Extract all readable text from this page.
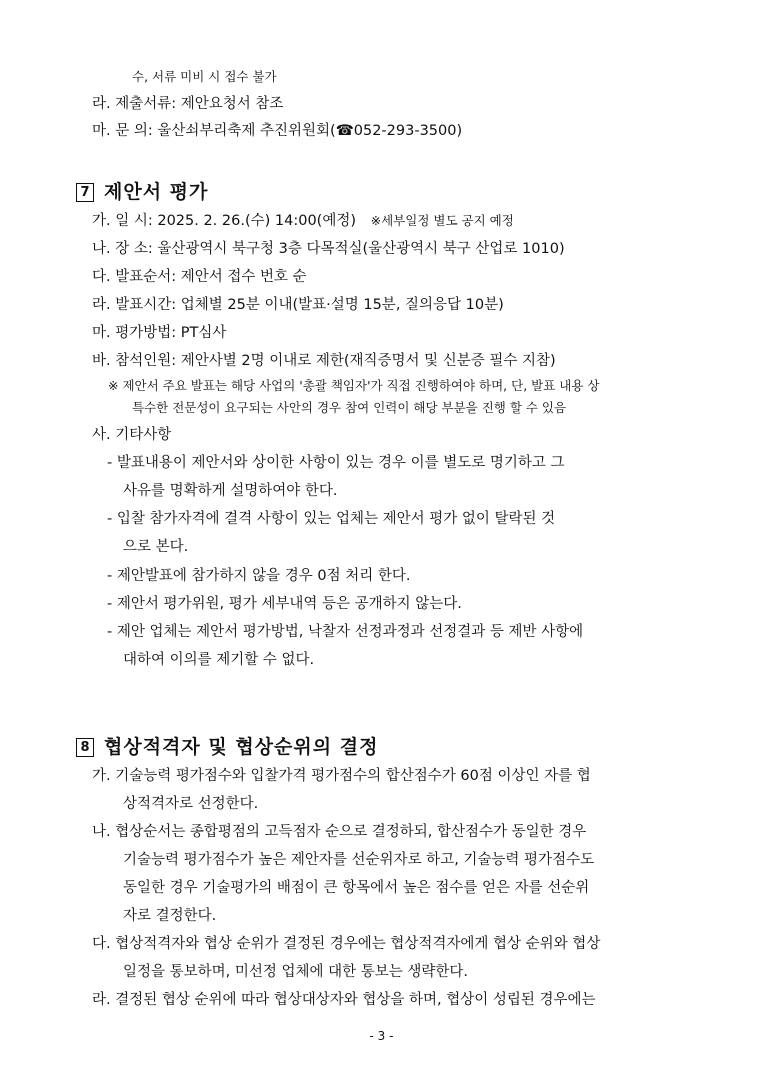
수, 서류 미비 시 접수 불가
라. 제출서류: 제안요청서 참조
마. 문 의: 울산쇠부리축제 추진위원회(☎052-293-3500)
7 제안서 평가
가. 일 시: 2025. 2. 26.(수) 14:00(예정) ※세부일정 별도 공지 예정
나. 장 소: 울산광역시 북구청 3층 다목적실(울산광역시 북구 산업로 1010)
다. 발표순서: 제안서 접수 번호 순
라. 발표시간: 업체별 25분 이내(발표·설명 15분, 질의응답 10분)
마. 평가방법: PT심사
바. 참석인원: 제안사별 2명 이내로 제한(재직증명서 및 신분증 필수 지참)
※ 제안서 주요 발표는 해당 사업의 '총괄 책임자'가 직접 진행하여야 하며, 단, 발표 내용 상
특수한 전문성이 요구되는 사안의 경우 참여 인력이 해당 부분을 진행 할 수 있음
사. 기타사항
- 발표내용이 제안서와 상이한 사항이 있는 경우 이를 별도로 명기하고 그
사유를 명확하게 설명하여야 한다.
- 입찰 참가자격에 결격 사항이 있는 업체는 제안서 평가 없이 탈락된 것
으로 본다.
- 제안발표에 참가하지 않을 경우 0점 처리 한다.
- 제안서 평가위원, 평가 세부내역 등은 공개하지 않는다.
- 제안 업체는 제안서 평가방법, 낙찰자 선정과정과 선정결과 등 제반 사항에
대하여 이의를 제기할 수 없다.
8 협상적격자 및 협상순위의 결정
가. 기술능력 평가점수와 입찰가격 평가점수의 합산점수가 60점 이상인 자를 협
상적격자로 선정한다.
나. 협상순서는 종합평점의 고득점자 순으로 결정하되, 합산점수가 동일한 경우
기술능력 평가점수가 높은 제안자를 선순위자로 하고, 기술능력 평가점수도
동일한 경우 기술평가의 배점이 큰 항목에서 높은 점수를 얻은 자를 선순위
자로 결정한다.
다. 협상적격자와 협상 순위가 결정된 경우에는 협상적격자에게 협상 순위와 협상
일정을 통보하며, 미선정 업체에 대한 통보는 생략한다.
라. 결정된 협상 순위에 따라 협상대상자와 협상을 하며, 협상이 성립된 경우에는
- 3 -
